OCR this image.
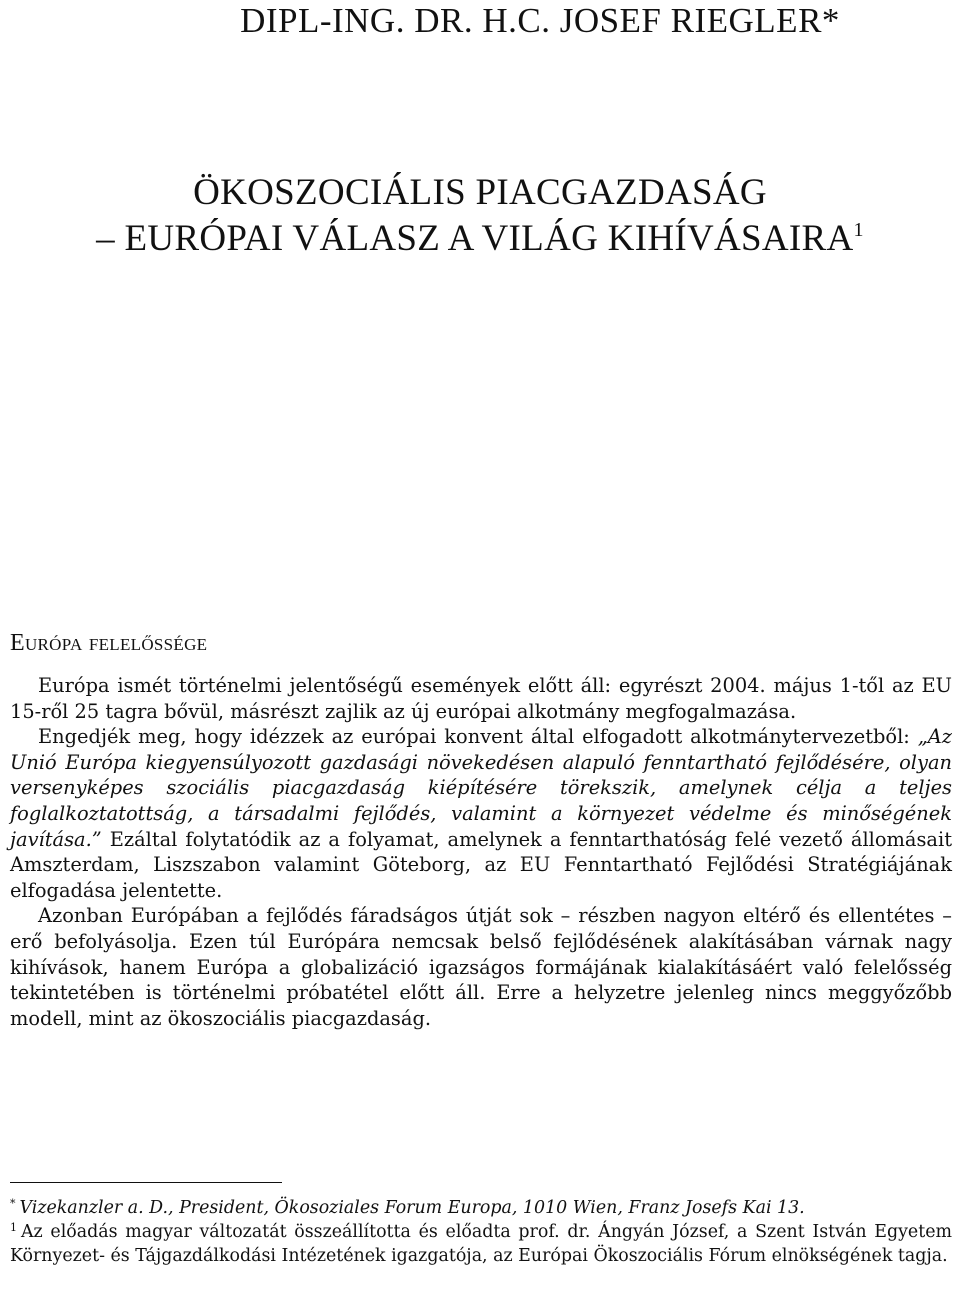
DIPL-ING. DR. H.C. JOSEF RIEGLER*
ÖKOSZOCIÁLIS PIACGAZDASÁG
– EURÓPAI VÁLASZ A VILÁG KIHÍVÁSAIRA$^1$
Európa felelőssége

Európa ismét történelmi jelentőségű események előtt áll: egyrészt 2004. május 1-től az EU 15-ről 25 tagra bővül, másrészt zajlik az új európai alkotmány megfogalmazása.

Engedjék meg, hogy idézzek az európai konvent által elfogadott alkotmánytervezetből: „Az Unió Európa kiegyensúlyozott gazdasági növekedésen alapuló fenntartható fejlődésére, olyan versenyképes szociális piacgazdaság kiépítésére törekszik, amelynek célja a teljes foglalkoztatottság, a társadalmi fejlődés, valamint a környezet védelme és minőségének javítása.” Ezáltal folytatódik az a folyamat, amelynek a fenntarthatóság felé vezető állomásait Amszterdam, Liszszabon valamint Göteborg, az EU Fenntartható Fejlődési Stratégiájának elfogadása jelentette.

Azonban Európában a fejlődés fáradságos útját sok – részben nagyon eltérő és ellentétes – erő befolyásolja. Ezen túl Európára nemcsak belső fejlődésének alakításában várnak nagy kihívások, hanem Európa a globalizáció igazságos formájának kialakításáért való felelősség tekintetében is történelmi próbatétel előtt áll. Erre a helyzetre jelenleg nincs meggyőzőbb modell, mint az ökoszociális piacgazdaság.

* Vizekanzler a. D., President, Ökosoziales Forum Europa, 1010 Wien, Franz Josefs Kai 13.

$^1$ Az előadás magyar változatát összeállította és előadta prof. dr. Ángyán József, a Szent István Egyetem Környezet- és Tájgazdálkodási Intézetének igazgatója, az Európai Ökoszociális Fórum elnökségének tagja.
